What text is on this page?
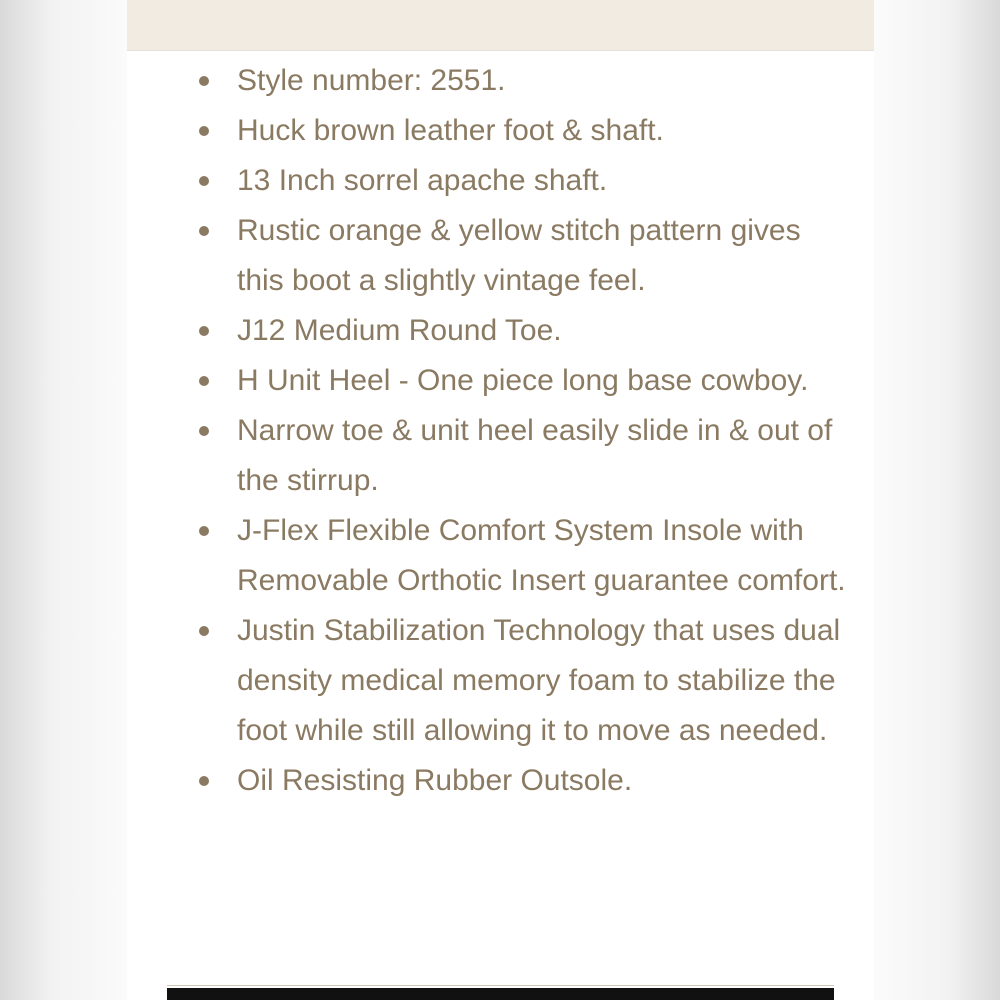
Style number: 2551.
Huck brown leather foot & shaft.
13 Inch sorrel apache shaft.
Rustic orange & yellow stitch pattern gives this boot a slightly vintage feel.
J12 Medium Round Toe.
H Unit Heel - One piece long base cowboy.
Narrow toe & unit heel easily slide in & out of the stirrup.
J-Flex Flexible Comfort System Insole with Removable Orthotic Insert guarantee comfort.
Justin Stabilization Technology that uses dual density medical memory foam to stabilize the foot while still allowing it to move as needed.
Oil Resisting Rubber Outsole.
